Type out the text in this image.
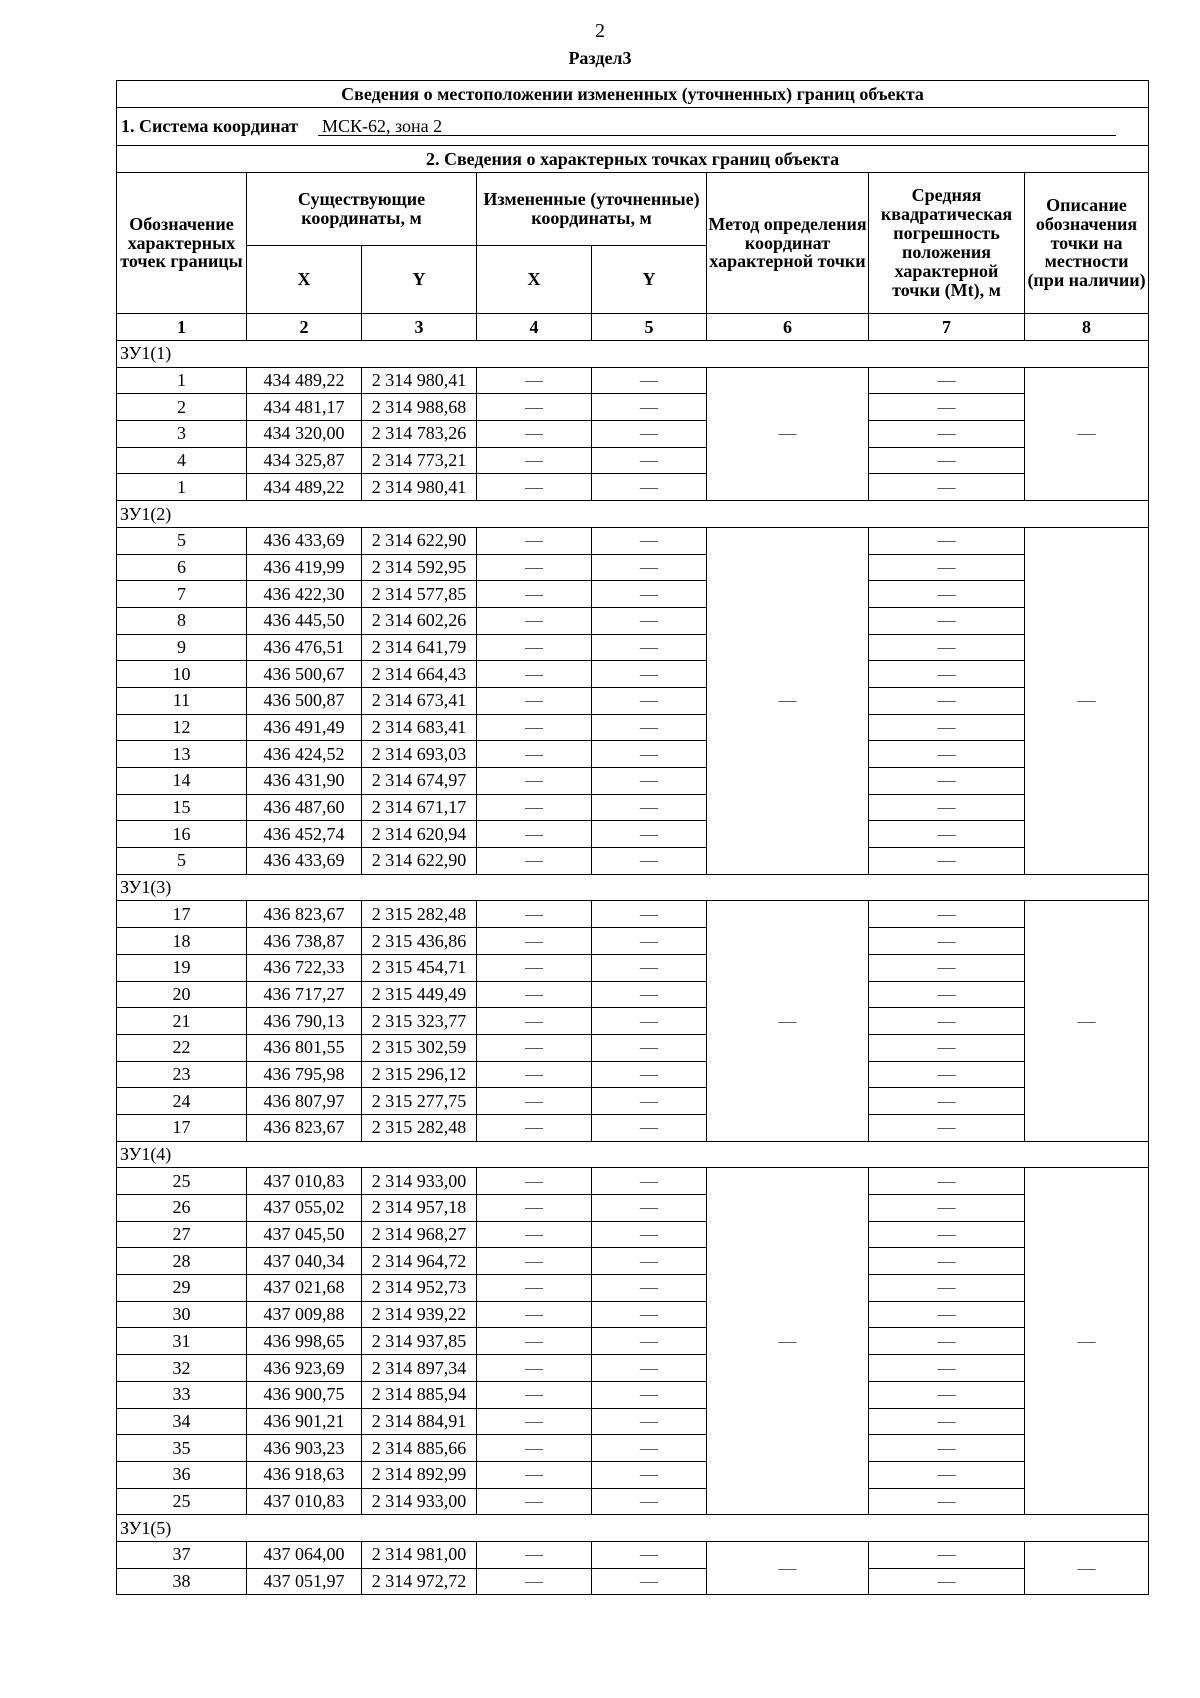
2
Раздел3
Сведения о местоположении измененных (уточненных) границ объекта							
1. Система координат МСК-62, зона 2							
2. Сведения о характерных точках границ объекта							
Обозначение характерных точек границы	Существующие координаты, м		Измененные (уточненные) координаты, м		Метод определения координат характерной точки	Средняя квадратическая погрешность положения характерной точки (Mt), м	Описание обозначения точки на местности (при наличии)
	X	Y	X	Y			
1	2	3	4	5	6	7	8
ЗУ1(1)							
1	434 489,22	2 314 980,41	—	—	—	—	—
2	434 481,17	2 314 988,68	—	—		—	
3	434 320,00	2 314 783,26	—	—		—	
4	434 325,87	2 314 773,21	—	—		—	
1	434 489,22	2 314 980,41	—	—		—	
ЗУ1(2)							
5	436 433,69	2 314 622,90	—	—	—	—	—
6	436 419,99	2 314 592,95	—	—		—	
7	436 422,30	2 314 577,85	—	—		—	
8	436 445,50	2 314 602,26	—	—		—	
9	436 476,51	2 314 641,79	—	—		—	
10	436 500,67	2 314 664,43	—	—		—	
11	436 500,87	2 314 673,41	—	—		—	
12	436 491,49	2 314 683,41	—	—		—	
13	436 424,52	2 314 693,03	—	—		—	
14	436 431,90	2 314 674,97	—	—		—	
15	436 487,60	2 314 671,17	—	—		—	
16	436 452,74	2 314 620,94	—	—		—	
5	436 433,69	2 314 622,90	—	—		—	
ЗУ1(3)							
17	436 823,67	2 315 282,48	—	—	—	—	—
18	436 738,87	2 315 436,86	—	—		—	
19	436 722,33	2 315 454,71	—	—		—	
20	436 717,27	2 315 449,49	—	—		—	
21	436 790,13	2 315 323,77	—	—		—	
22	436 801,55	2 315 302,59	—	—		—	
23	436 795,98	2 315 296,12	—	—		—	
24	436 807,97	2 315 277,75	—	—		—	
17	436 823,67	2 315 282,48	—	—		—	
ЗУ1(4)							
25	437 010,83	2 314 933,00	—	—	—	—	—
26	437 055,02	2 314 957,18	—	—		—	
27	437 045,50	2 314 968,27	—	—		—	
28	437 040,34	2 314 964,72	—	—		—	
29	437 021,68	2 314 952,73	—	—		—	
30	437 009,88	2 314 939,22	—	—		—	
31	436 998,65	2 314 937,85	—	—		—	
32	436 923,69	2 314 897,34	—	—		—	
33	436 900,75	2 314 885,94	—	—		—	
34	436 901,21	2 314 884,91	—	—		—	
35	436 903,23	2 314 885,66	—	—		—	
36	436 918,63	2 314 892,99	—	—		—	
25	437 010,83	2 314 933,00	—	—		—	
ЗУ1(5)							
37	437 064,00	2 314 981,00	—	—	—	—	—
38	437 051,97	2 314 972,72	—	—		—	
